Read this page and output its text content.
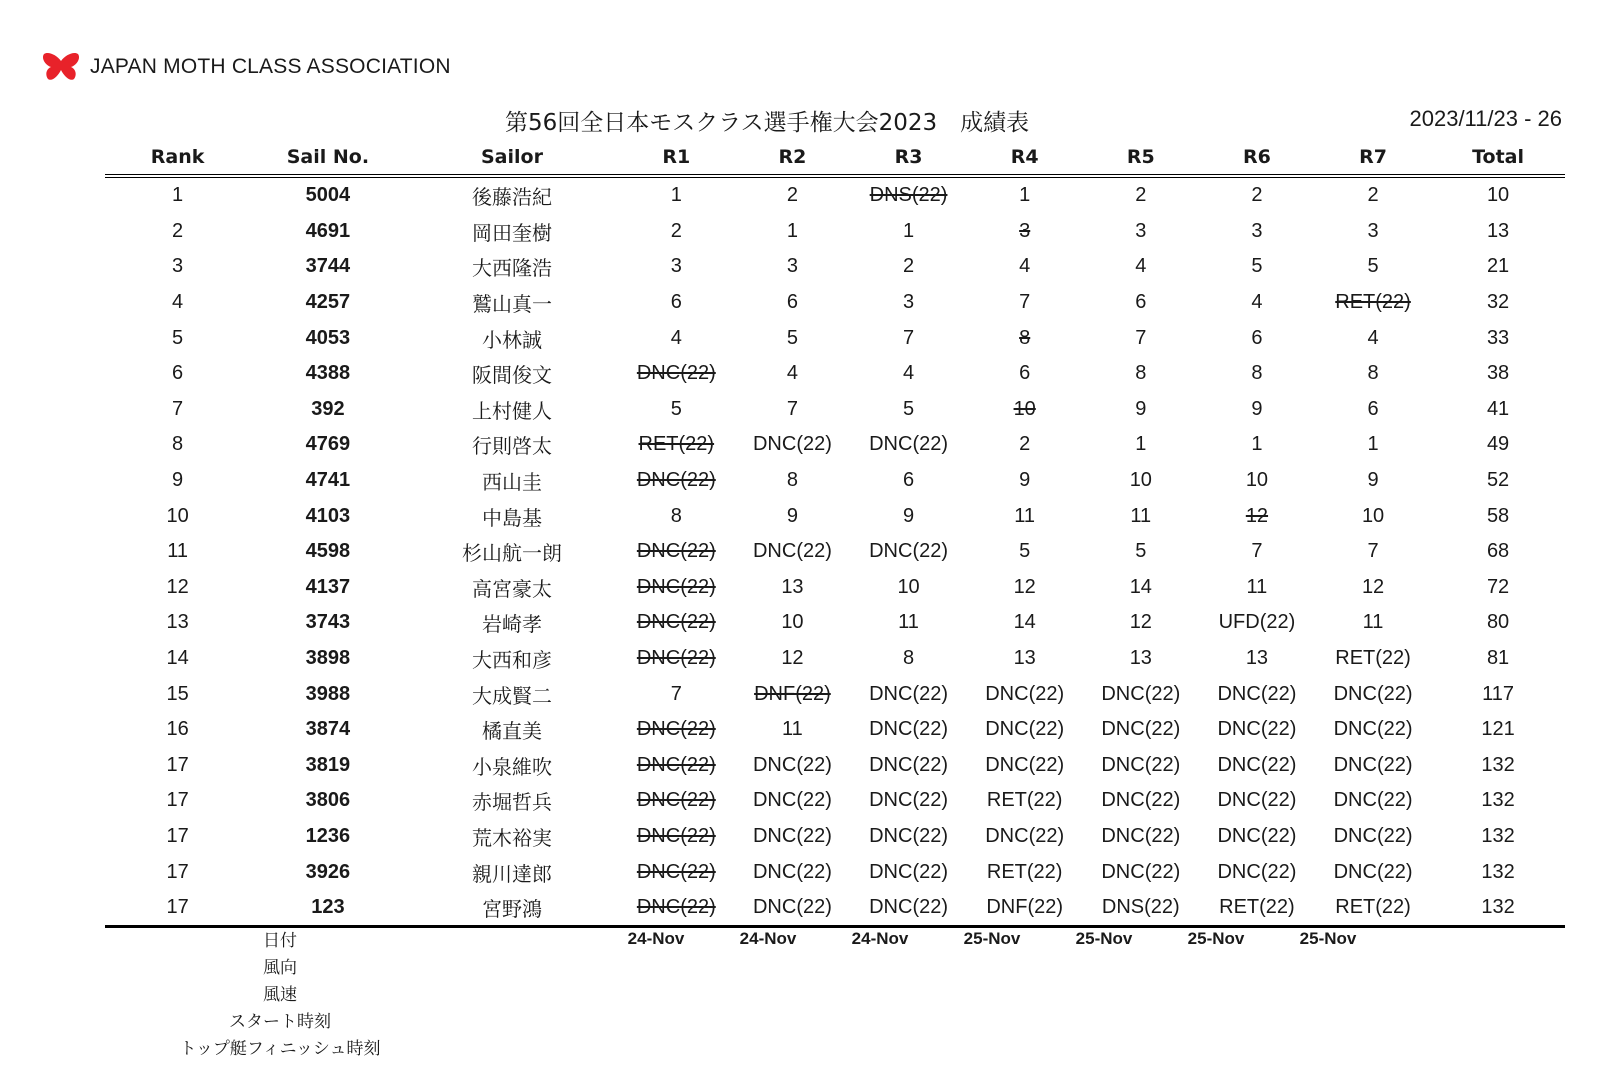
JAPAN MOTH CLASS ASSOCIATION
第56回全日本モスクラス選手権大会2023　成績表	2023/11/23 - 26
Rank	Sail No.	Sailor	R1	R2	R3	R4	R5	R6	R7	Total
1	5004	後藤浩紀	1	2	DNS(22)	1	2	2	2	10
2	4691	岡田奎樹	2	1	1	3	3	3	3	13
3	3744	大西隆浩	3	3	2	4	4	5	5	21
4	4257	鷲山真一	6	6	3	7	6	4	RET(22)	32
5	4053	小林誠	4	5	7	8	7	6	4	33
6	4388	阪間俊文	DNC(22)	4	4	6	8	8	8	38
7	392	上村健人	5	7	5	10	9	9	6	41
8	4769	行則啓太	RET(22)	DNC(22)	DNC(22)	2	1	1	1	49
9	4741	西山圭	DNC(22)	8	6	9	10	10	9	52
10	4103	中島基	8	9	9	11	11	12	10	58
11	4598	杉山航一朗	DNC(22)	DNC(22)	DNC(22)	5	5	7	7	68
12	4137	高宮豪太	DNC(22)	13	10	12	14	11	12	72
13	3743	岩崎孝	DNC(22)	10	11	14	12	UFD(22)	11	80
14	3898	大西和彦	DNC(22)	12	8	13	13	13	RET(22)	81
15	3988	大成賢二	7	DNF(22)	DNC(22)	DNC(22)	DNC(22)	DNC(22)	DNC(22)	117
16	3874	橘直美	DNC(22)	11	DNC(22)	DNC(22)	DNC(22)	DNC(22)	DNC(22)	121
17	3819	小泉維吹	DNC(22)	DNC(22)	DNC(22)	DNC(22)	DNC(22)	DNC(22)	DNC(22)	132
17	3806	赤堀哲兵	DNC(22)	DNC(22)	DNC(22)	RET(22)	DNC(22)	DNC(22)	DNC(22)	132
17	1236	荒木裕実	DNC(22)	DNC(22)	DNC(22)	DNC(22)	DNC(22)	DNC(22)	DNC(22)	132
17	3926	親川達郎	DNC(22)	DNC(22)	DNC(22)	RET(22)	DNC(22)	DNC(22)	DNC(22)	132
17	123	宮野鴻	DNC(22)	DNC(22)	DNC(22)	DNF(22)	DNS(22)	RET(22)	RET(22)	132
日付	24-Nov	24-Nov	24-Nov	25-Nov	25-Nov	25-Nov	25-Nov	
風向								
風速								
スタート時刻								
トップ艇フィニッシュ時刻								
